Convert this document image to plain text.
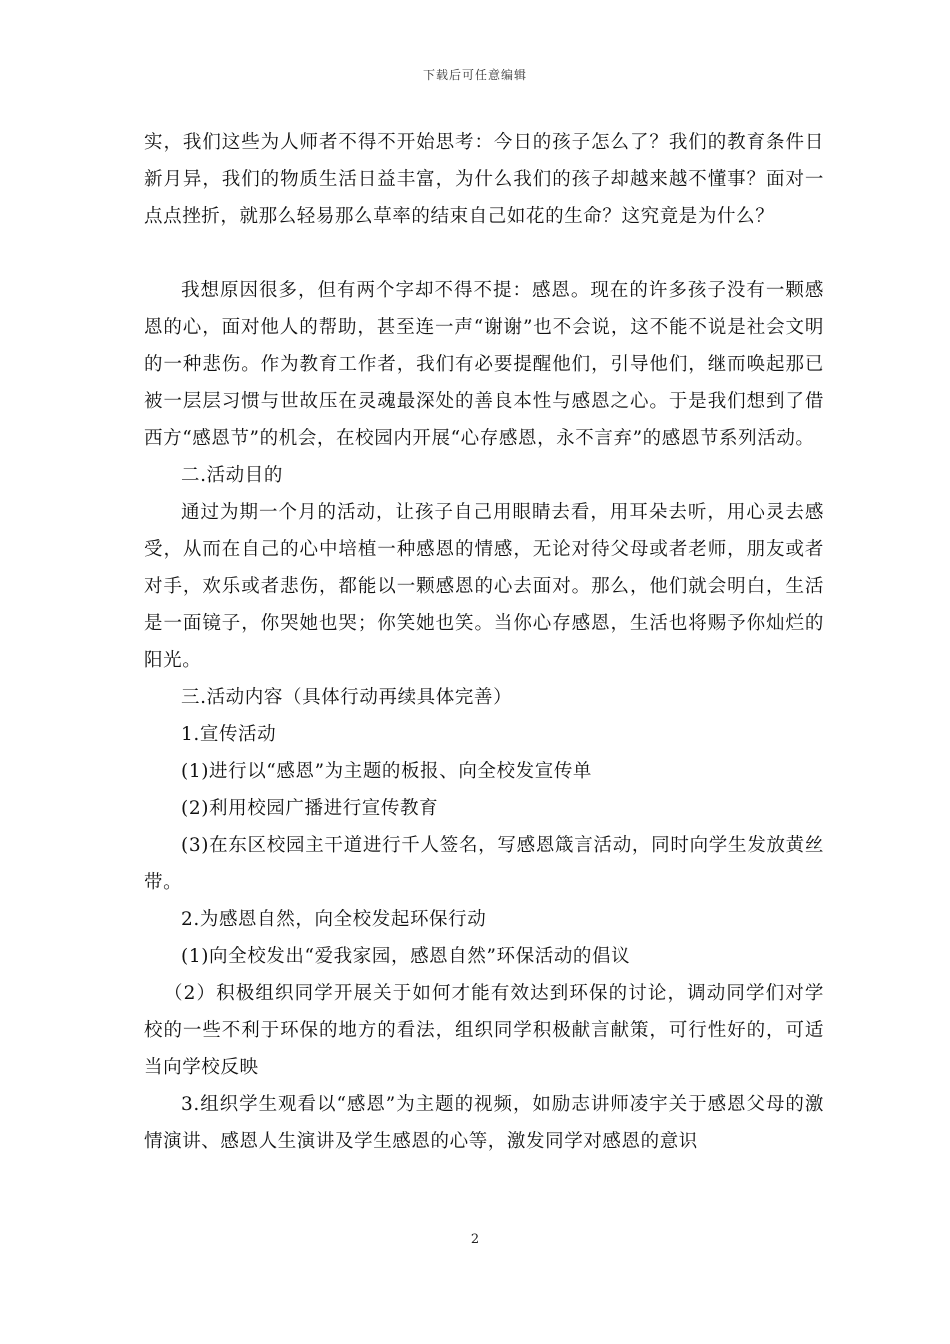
下载后可任意编辑

实，我们这些为人师者不得不开始思考：今日的孩子怎么了？我们的教育条件日新月异，我们的物质生活日益丰富，为什么我们的孩子却越来越不懂事？面对一点点挫折，就那么轻易那么草率的结束自己如花的生命？这究竟是为什么？

我想原因很多，但有两个字却不得不提：感恩。现在的许多孩子没有一颗感恩的心，面对他人的帮助，甚至连一声“谢谢”也不会说，这不能不说是社会文明的一种悲伤。作为教育工作者，我们有必要提醒他们，引导他们，继而唤起那已被一层层习惯与世故压在灵魂最深处的善良本性与感恩之心。于是我们想到了借西方“感恩节”的机会，在校园内开展“心存感恩，永不言弃”的感恩节系列活动。

二.活动目的

通过为期一个月的活动，让孩子自己用眼睛去看，用耳朵去听，用心灵去感受，从而在自己的心中培植一种感恩的情感，无论对待父母或者老师，朋友或者对手，欢乐或者悲伤，都能以一颗感恩的心去面对。那么，他们就会明白，生活是一面镜子，你哭她也哭；你笑她也笑。当你心存感恩，生活也将赐予你灿烂的阳光。

三.活动内容（具体行动再续具体完善）

1.宣传活动

(1)进行以“感恩”为主题的板报、向全校发宣传单

(2)利用校园广播进行宣传教育

(3)在东区校园主干道进行千人签名，写感恩箴言活动，同时向学生发放黄丝带。

2.为感恩自然，向全校发起环保行动

(1)向全校发出“爱我家园，感恩自然”环保活动的倡议

（2）积极组织同学开展关于如何才能有效达到环保的讨论，调动同学们对学校的一些不利于环保的地方的看法，组织同学积极献言献策，可行性好的，可适当向学校反映

3.组织学生观看以“感恩”为主题的视频，如励志讲师凌宇关于感恩父母的激情演讲、感恩人生演讲及学生感恩的心等，激发同学对感恩的意识

2
